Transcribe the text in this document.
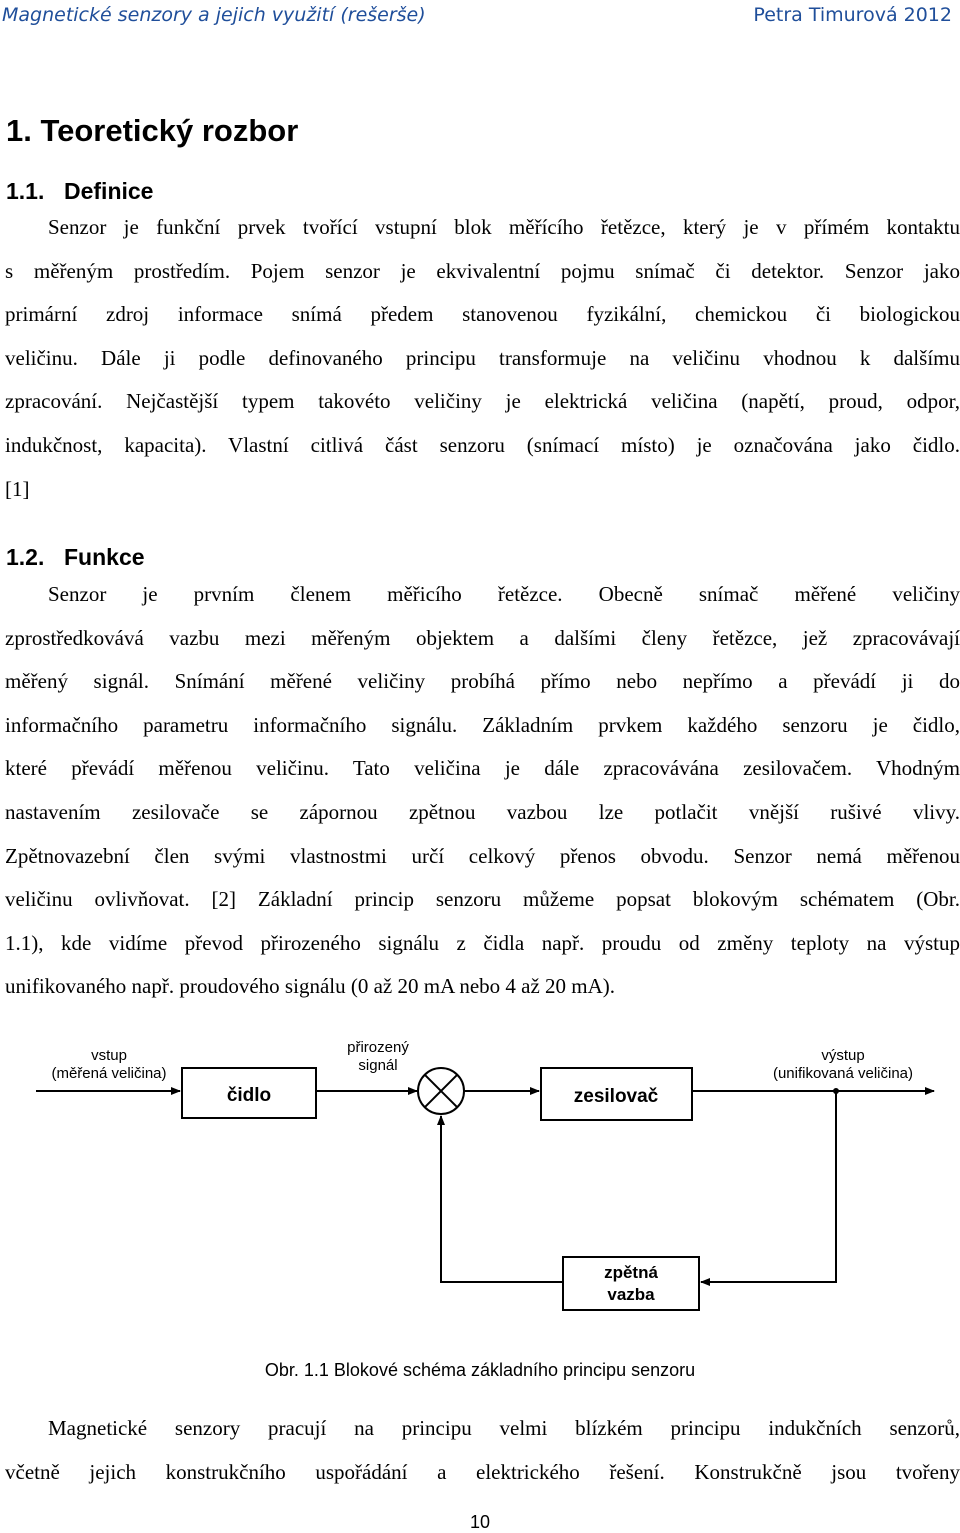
Magnetické senzory a jejich využití (rešerše)	Petra Timurová 2012
1. Teoretický rozbor
1.1. Definice
Senzor je funkční prvek tvořící vstupní blok měřícího řetězce, který je v přímém kontaktu
s měřeným prostředím. Pojem senzor je ekvivalentní pojmu snímač či detektor. Senzor jako
primární zdroj informace snímá předem stanovenou fyzikální, chemickou či biologickou
veličinu. Dále ji podle definovaného principu transformuje na veličinu vhodnou k dalšímu
zpracování. Nejčastější typem takovéto veličiny je elektrická veličina (napětí, proud, odpor,
indukčnost, kapacita). Vlastní citlivá část senzoru (snímací místo) je označována jako čidlo.
[1]
1.2. Funkce
Senzor je prvním členem měřicího řetězce. Obecně snímač měřené veličiny
zprostředkovává vazbu mezi měřeným objektem a dalšími členy řetězce, jež zpracovávají
měřený signál. Snímání měřené veličiny probíhá přímo nebo nepřímo a převádí ji do
informačního parametru informačního signálu. Základním prvkem každého senzoru je čidlo,
které převádí měřenou veličinu. Tato veličina je dále zpracovávána zesilovačem. Vhodným
nastavením zesilovače se zápornou zpětnou vazbou lze potlačit vnější rušivé vlivy.
Zpětnovazební člen svými vlastnostmi určí celkový přenos obvodu. Senzor nemá měřenou
veličinu ovlivňovat. [2] Základní princip senzoru můžeme popsat blokovým schématem (Obr.
1.1), kde vidíme převod přirozeného signálu z čidla např. proudu od změny teploty na výstup
unifikovaného např. proudového signálu (0 až 20 mA nebo 4 až 20 mA).
vstup
(měřená veličina)
přirozený
signál
výstup
(unifikovaná veličina)
čidlo	zesilovač
zpětná
vazba
Obr. 1.1 Blokové schéma základního principu senzoru
Magnetické senzory pracují na principu velmi blízkém principu indukčních senzorů,
včetně jejich konstrukčního uspořádání a elektrického řešení. Konstrukčně jsou tvořeny
10
